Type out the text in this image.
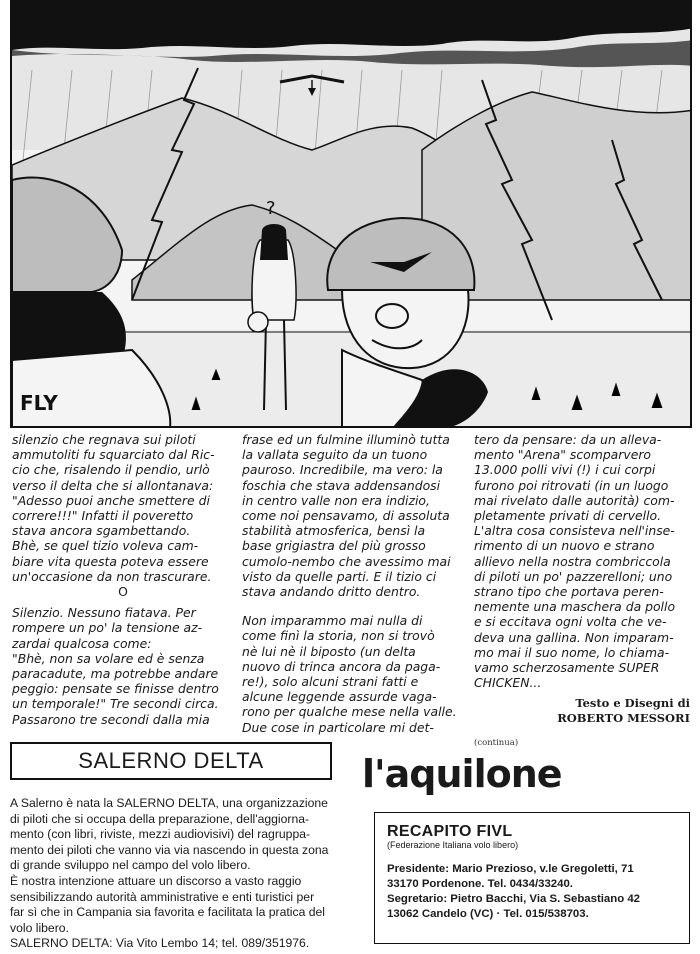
?
FLY

silenzio che regnava sui piloti

ammutoliti fu squarciato dal Ric-

cio che, risalendo il pendio, urlò

verso il delta che si allontanava:

"Adesso puoi anche smettere di

correre!!!" Infatti il poveretto

stava ancora sgambettando.

Bhè, se quel tizio voleva cam-

biare vita questa poteva essere

un'occasione da non trascurare.

O

Silenzio. Nessuno fiatava. Per

rompere un po' la tensione az-

zardai qualcosa come:

"Bhè, non sa volare ed è senza

paracadute, ma potrebbe andare

peggio: pensate se finisse dentro

un temporale!" Tre secondi circa.

Passarono tre secondi dalla mia

frase ed un fulmine illuminò tutta

la vallata seguito da un tuono

pauroso. Incredibile, ma vero: la

foschia che stava addensandosi

in centro valle non era indizio,

come noi pensavamo, di assoluta

stabilità atmosferica, bensì la

base grigiastra del più grosso

cumolo-nembo che avessimo mai

visto da quelle parti. E il tizio ci

stava andando dritto dentro.

Non imparammo mai nulla di

come finì la storia, non si trovò

nè lui nè il biposto (un delta

nuovo di trinca ancora da paga-

re!), solo alcuni strani fatti e

alcune leggende assurde vaga-

rono per qualche mese nella valle.

Due cose in particolare mi det-

tero da pensare: da un alleva-

mento "Arena" scomparvero

13.000 polli vivi (!) i cui corpi

furono poi ritrovati (in un luogo

mai rivelato dalle autorità) com-

pletamente privati di cervello.

L'altra cosa consisteva nell'inse-

rimento di un nuovo e strano

allievo nella nostra combriccola

di piloti un po' pazzerelloni; uno

strano tipo che portava peren-

nemente una maschera da pollo

e si eccitava ogni volta che ve-

deva una gallina. Non imparam-

mo mai il suo nome, lo chiama-

vamo scherzosamente SUPER

CHICKEN...

Testo e Disegni di
ROBERTO MESSORI
(continua)
SALERNO DELTA

A Salerno è nata la SALERNO DELTA, una organizzazione

di piloti che si occupa della preparazione, dell'aggiorna-

mento (con libri, riviste, mezzi audiovisivi) del ragruppa-

mento dei piloti che vanno via via nascendo in questa zona

di grande sviluppo nel campo del volo libero.

È nostra intenzione attuare un discorso a vasto raggio

sensibilizzando autorità amministrative e enti turistici per

far sì che in Campania sia favorita e facilitata la pratica del

volo libero.

SALERNO DELTA: Via Vito Lembo 14; tel. 089/351976.

l'aquilone
RECAPITO FIVL
(Federazione Italiana volo libero)
Presidente: Mario Prezioso, v.le Gregoletti, 71
33170 Pordenone. Tel. 0434/33240.
Segretario: Pietro Bacchi, Via S. Sebastiano 42
13062 Candelo (VC) · Tel. 015/538703.
